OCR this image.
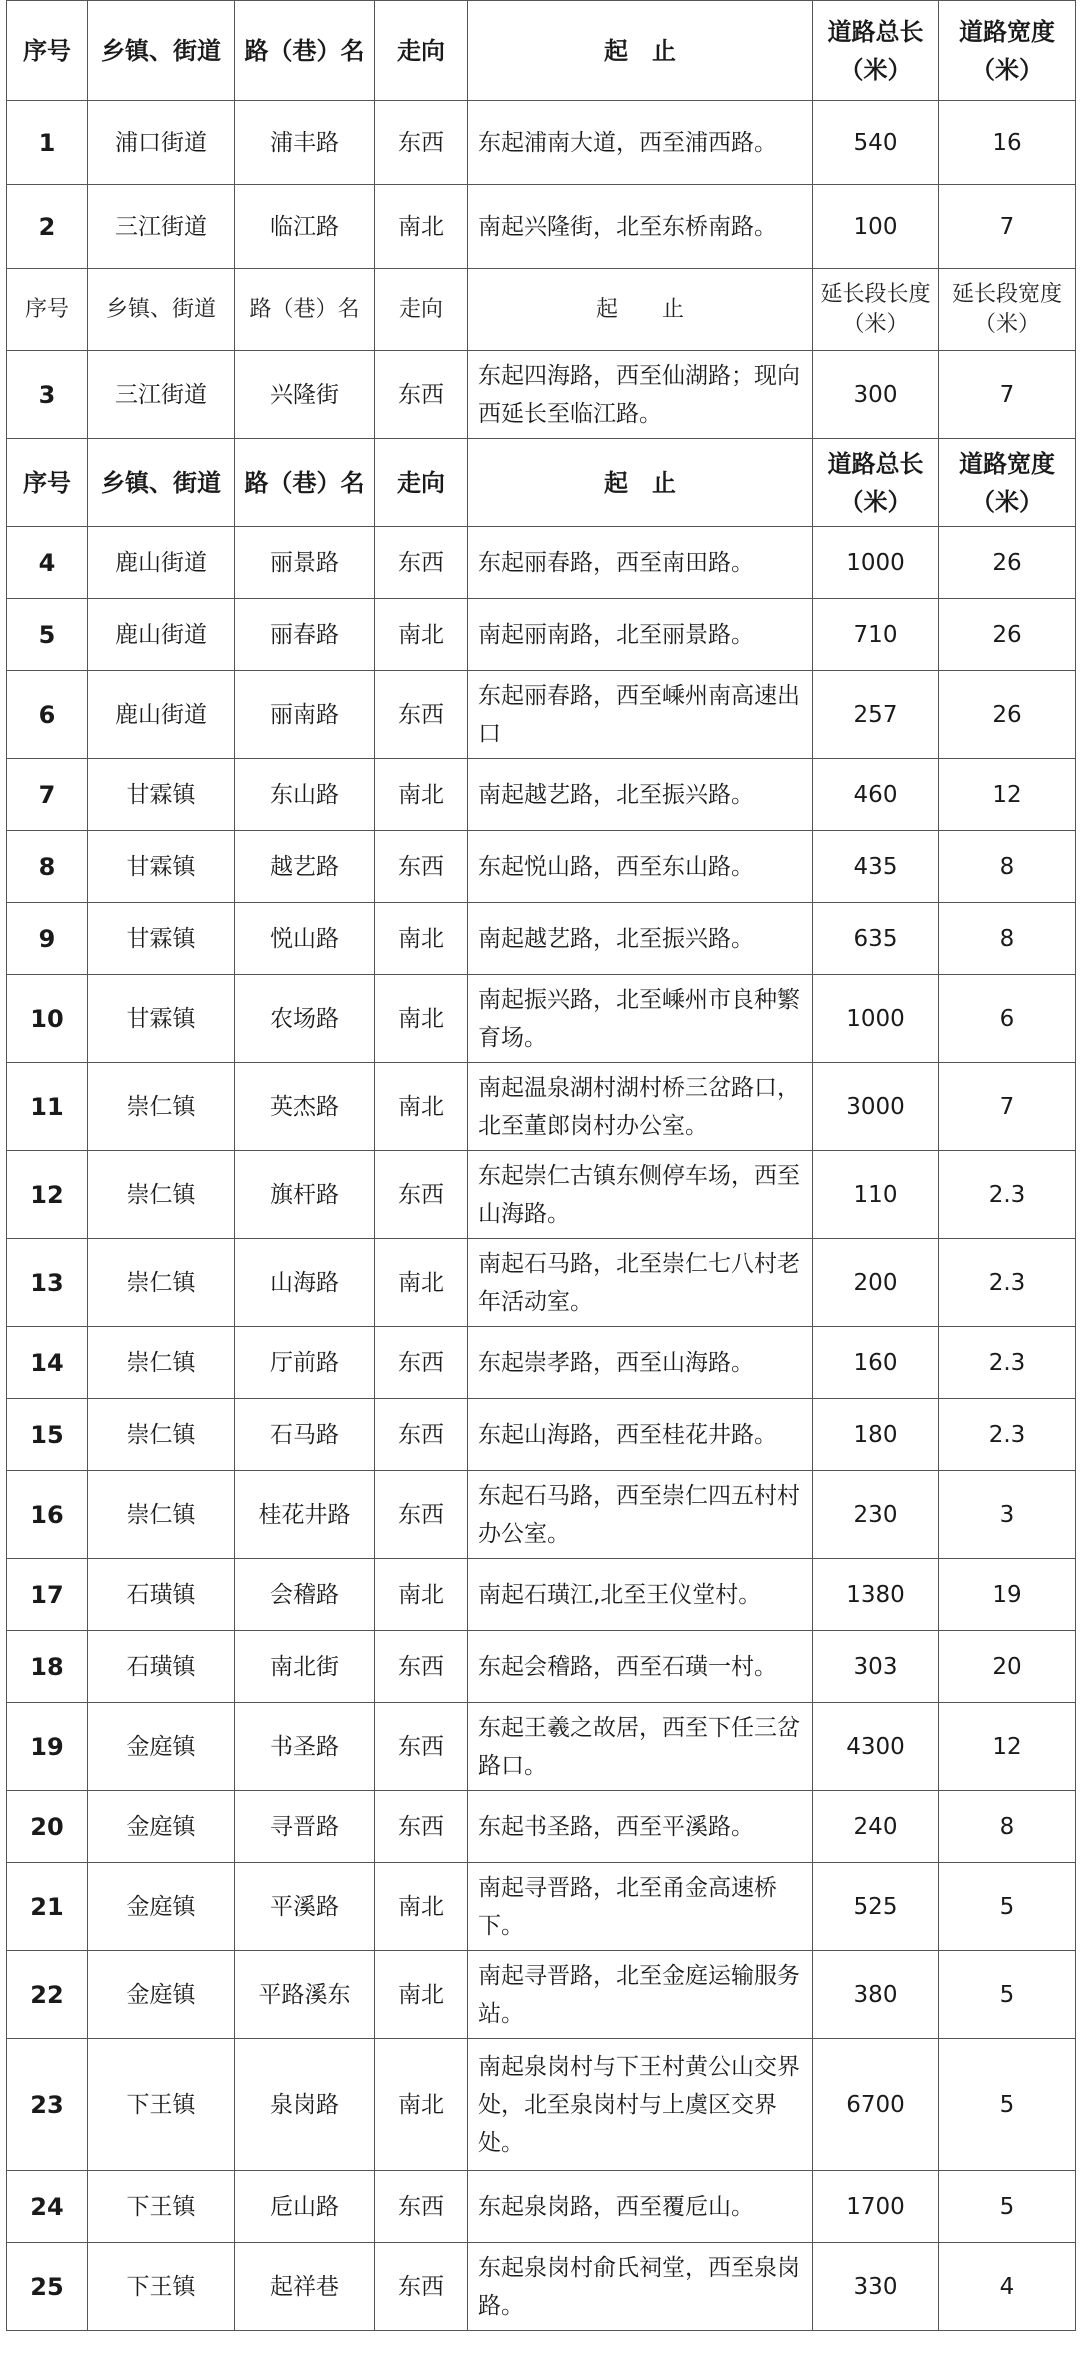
序号	乡镇、街道	路（巷）名	走向	起　止	道路总长（米）	道路宽度（米）
1	浦口街道	浦丰路	东西	东起浦南大道，西至浦西路。	540	16
2	三江街道	临江路	南北	南起兴隆街，北至东桥南路。	100	7
序号	乡镇、街道	路（巷）名	走向	起　　止	延长段长度（米）	延长段宽度（米）
3	三江街道	兴隆街	东西	东起四海路，西至仙湖路；现向西延长至临江路。	300	7
序号	乡镇、街道	路（巷）名	走向	起　止	道路总长（米）	道路宽度（米）
4	鹿山街道	丽景路	东西	东起丽春路，西至南田路。	1000	26
5	鹿山街道	丽春路	南北	南起丽南路，北至丽景路。	710	26
6	鹿山街道	丽南路	东西	东起丽春路，西至嵊州南高速出口	257	26
7	甘霖镇	东山路	南北	南起越艺路，北至振兴路。	460	12
8	甘霖镇	越艺路	东西	东起悦山路，西至东山路。	435	8
9	甘霖镇	悦山路	南北	南起越艺路，北至振兴路。	635	8
10	甘霖镇	农场路	南北	南起振兴路，北至嵊州市良种繁育场。	1000	6
11	崇仁镇	英杰路	南北	南起温泉湖村湖村桥三岔路口，北至董郎岗村办公室。	3000	7
12	崇仁镇	旗杆路	东西	东起崇仁古镇东侧停车场，西至山海路。	110	2.3
13	崇仁镇	山海路	南北	南起石马路，北至崇仁七八村老年活动室。	200	2.3
14	崇仁镇	厅前路	东西	东起崇孝路，西至山海路。	160	2.3
15	崇仁镇	石马路	东西	东起山海路，西至桂花井路。	180	2.3
16	崇仁镇	桂花井路	东西	东起石马路，西至崇仁四五村村办公室。	230	3
17	石璜镇	会稽路	南北	南起石璜江,北至王仪堂村。	1380	19
18	石璜镇	南北街	东西	东起会稽路，西至石璜一村。	303	20
19	金庭镇	书圣路	东西	东起王羲之故居，西至下任三岔路口。	4300	12
20	金庭镇	寻晋路	东西	东起书圣路，西至平溪路。	240	8
21	金庭镇	平溪路	南北	南起寻晋路，北至甬金高速桥下。	525	5
22	金庭镇	平路溪东	南北	南起寻晋路，北至金庭运输服务站。	380	5
23	下王镇	泉岗路	南北	南起泉岗村与下王村黄公山交界处，北至泉岗村与上虞区交界处。	6700	5
24	下王镇	卮山路	东西	东起泉岗路，西至覆卮山。	1700	5
25	下王镇	起祥巷	东西	东起泉岗村俞氏祠堂，西至泉岗路。	330	4
